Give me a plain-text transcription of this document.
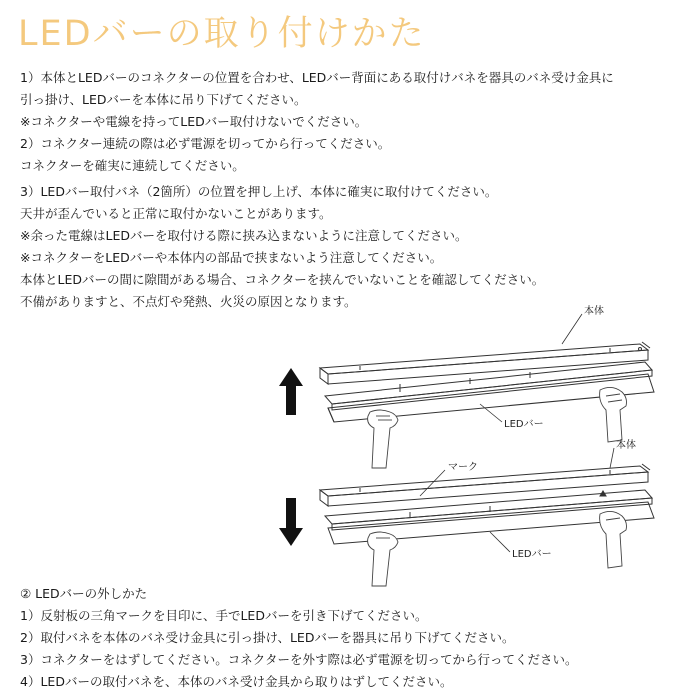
LEDバーの取り付けかた
1）本体とLEDバーのコネクターの位置を合わせ、LEDバー背面にある取付けバネを器具のバネ受け金具に
引っ掛け、LEDバーを本体に吊り下げてください。
※コネクターや電線を持ってLEDバー取付けないでください。
2）コネクター連続の際は必ず電源を切ってから行ってください。
コネクターを確実に連続してください。
3）LEDバー取付バネ（2箇所）の位置を押し上げ、本体に確実に取付けてください。
天井が歪んでいると正常に取付かないことがあります。
※余った電線はLEDバーを取付ける際に挟み込まないように注意してください。
※コネクターをLEDバーや本体内の部品で挟まないよう注意してください。
本体とLEDバーの間に隙間がある場合、コネクターを挟んでいないことを確認してください。
不備がありますと、不点灯や発熱、火災の原因となります。
本体
LEDバー
本体
マーク
LEDバー
② LEDバーの外しかた
1）反射板の三角マークを目印に、手でLEDバーを引き下げてください。
2）取付バネを本体のバネ受け金具に引っ掛け、LEDバーを器具に吊り下げてください。
3）コネクターをはずしてください。コネクターを外す際は必ず電源を切ってから行ってください。
4）LEDバーの取付バネを、本体のバネ受け金具から取りはずしてください。
